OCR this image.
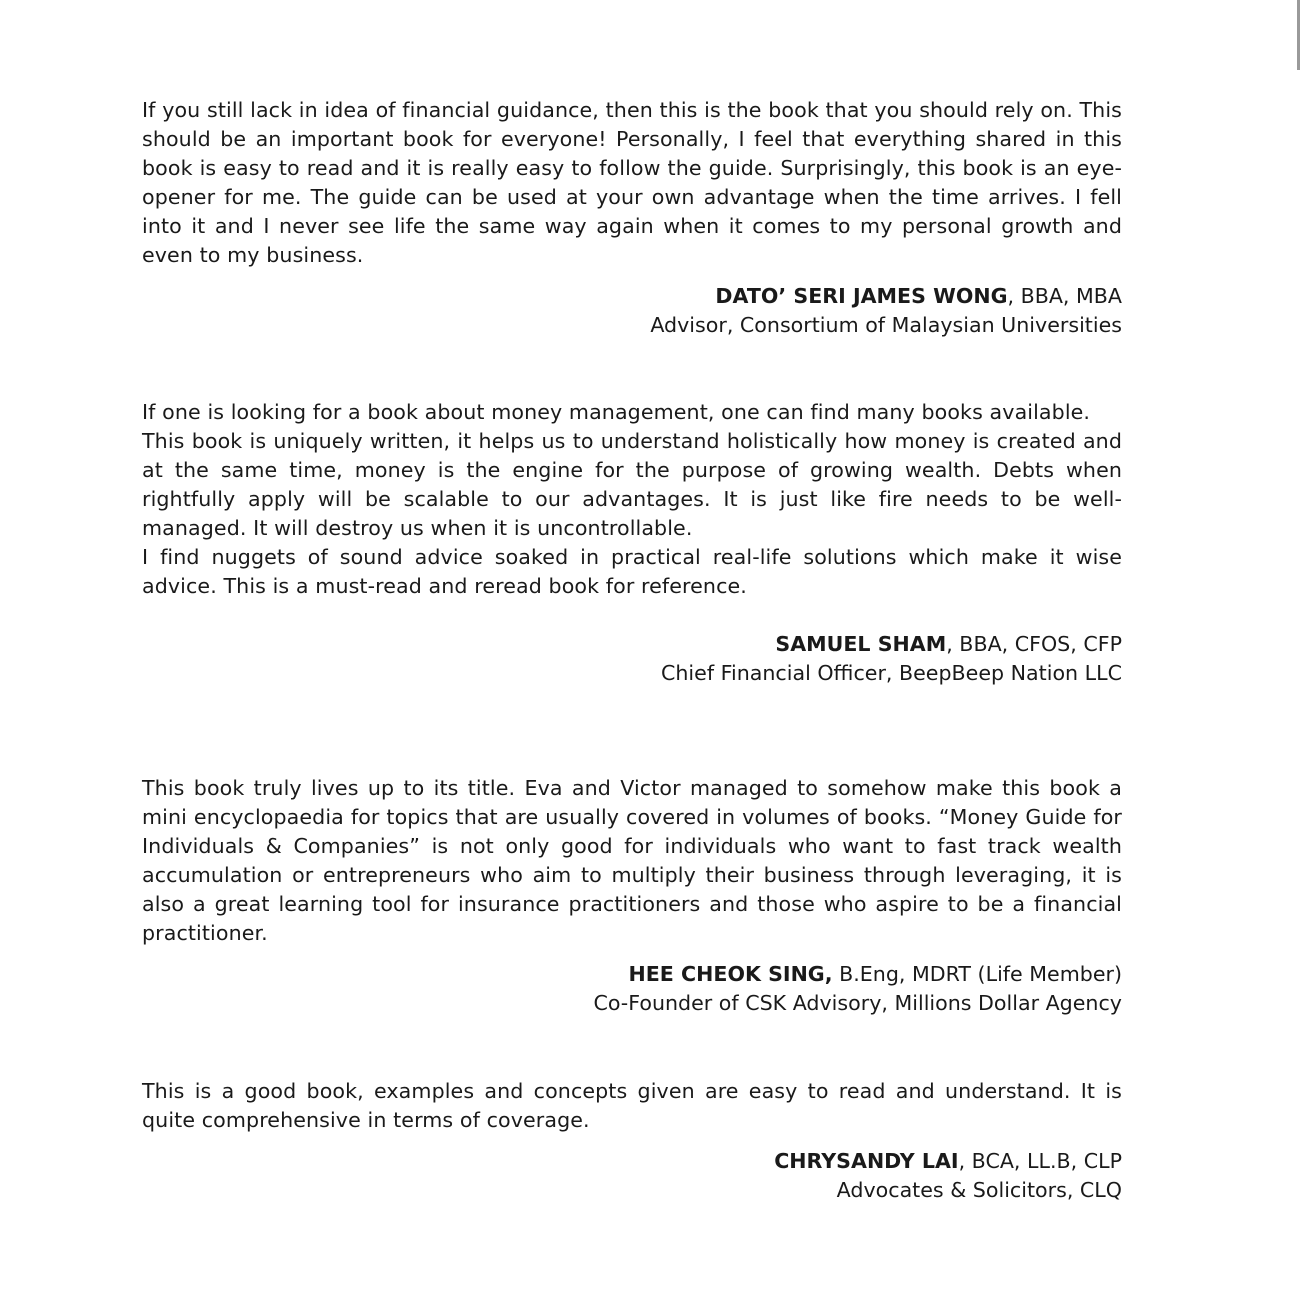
If you still lack in idea of financial guidance, then this is the book that you should rely on. This should be an important book for everyone! Personally, I feel that everything shared in this book is easy to read and it is really easy to follow the guide. Surprisingly, this book is an eye-opener for me. The guide can be used at your own advantage when the time arrives. I fell into it and I never see life the same way again when it comes to my personal growth and even to my business.

DATO’ SERI JAMES WONG, BBA, MBA

Advisor, Consortium of Malaysian Universities

If one is looking for a book about money management, one can find many books available.

This book is uniquely written, it helps us to understand holistically how money is created and at the same time, money is the engine for the purpose of growing wealth. Debts when rightfully apply will be scalable to our advantages. It is just like fire needs to be well-managed. It will destroy us when it is uncontrollable.

I find nuggets of sound advice soaked in practical real-life solutions which make it wise advice. This is a must-read and reread book for reference.

SAMUEL SHAM, BBA, CFOS, CFP

Chief Financial Officer, BeepBeep Nation LLC

This book truly lives up to its title. Eva and Victor managed to somehow make this book a mini encyclopaedia for topics that are usually covered in volumes of books. “Money Guide for Individuals & Companies” is not only good for individuals who want to fast track wealth accumulation or entrepreneurs who aim to multiply their business through leveraging, it is also a great learning tool for insurance practitioners and those who aspire to be a financial practitioner.

HEE CHEOK SING, B.Eng, MDRT (Life Member)

Co-Founder of CSK Advisory, Millions Dollar Agency

This is a good book, examples and concepts given are easy to read and understand. It is quite comprehensive in terms of coverage.

CHRYSANDY LAI, BCA, LL.B, CLP

Advocates & Solicitors, CLQ
